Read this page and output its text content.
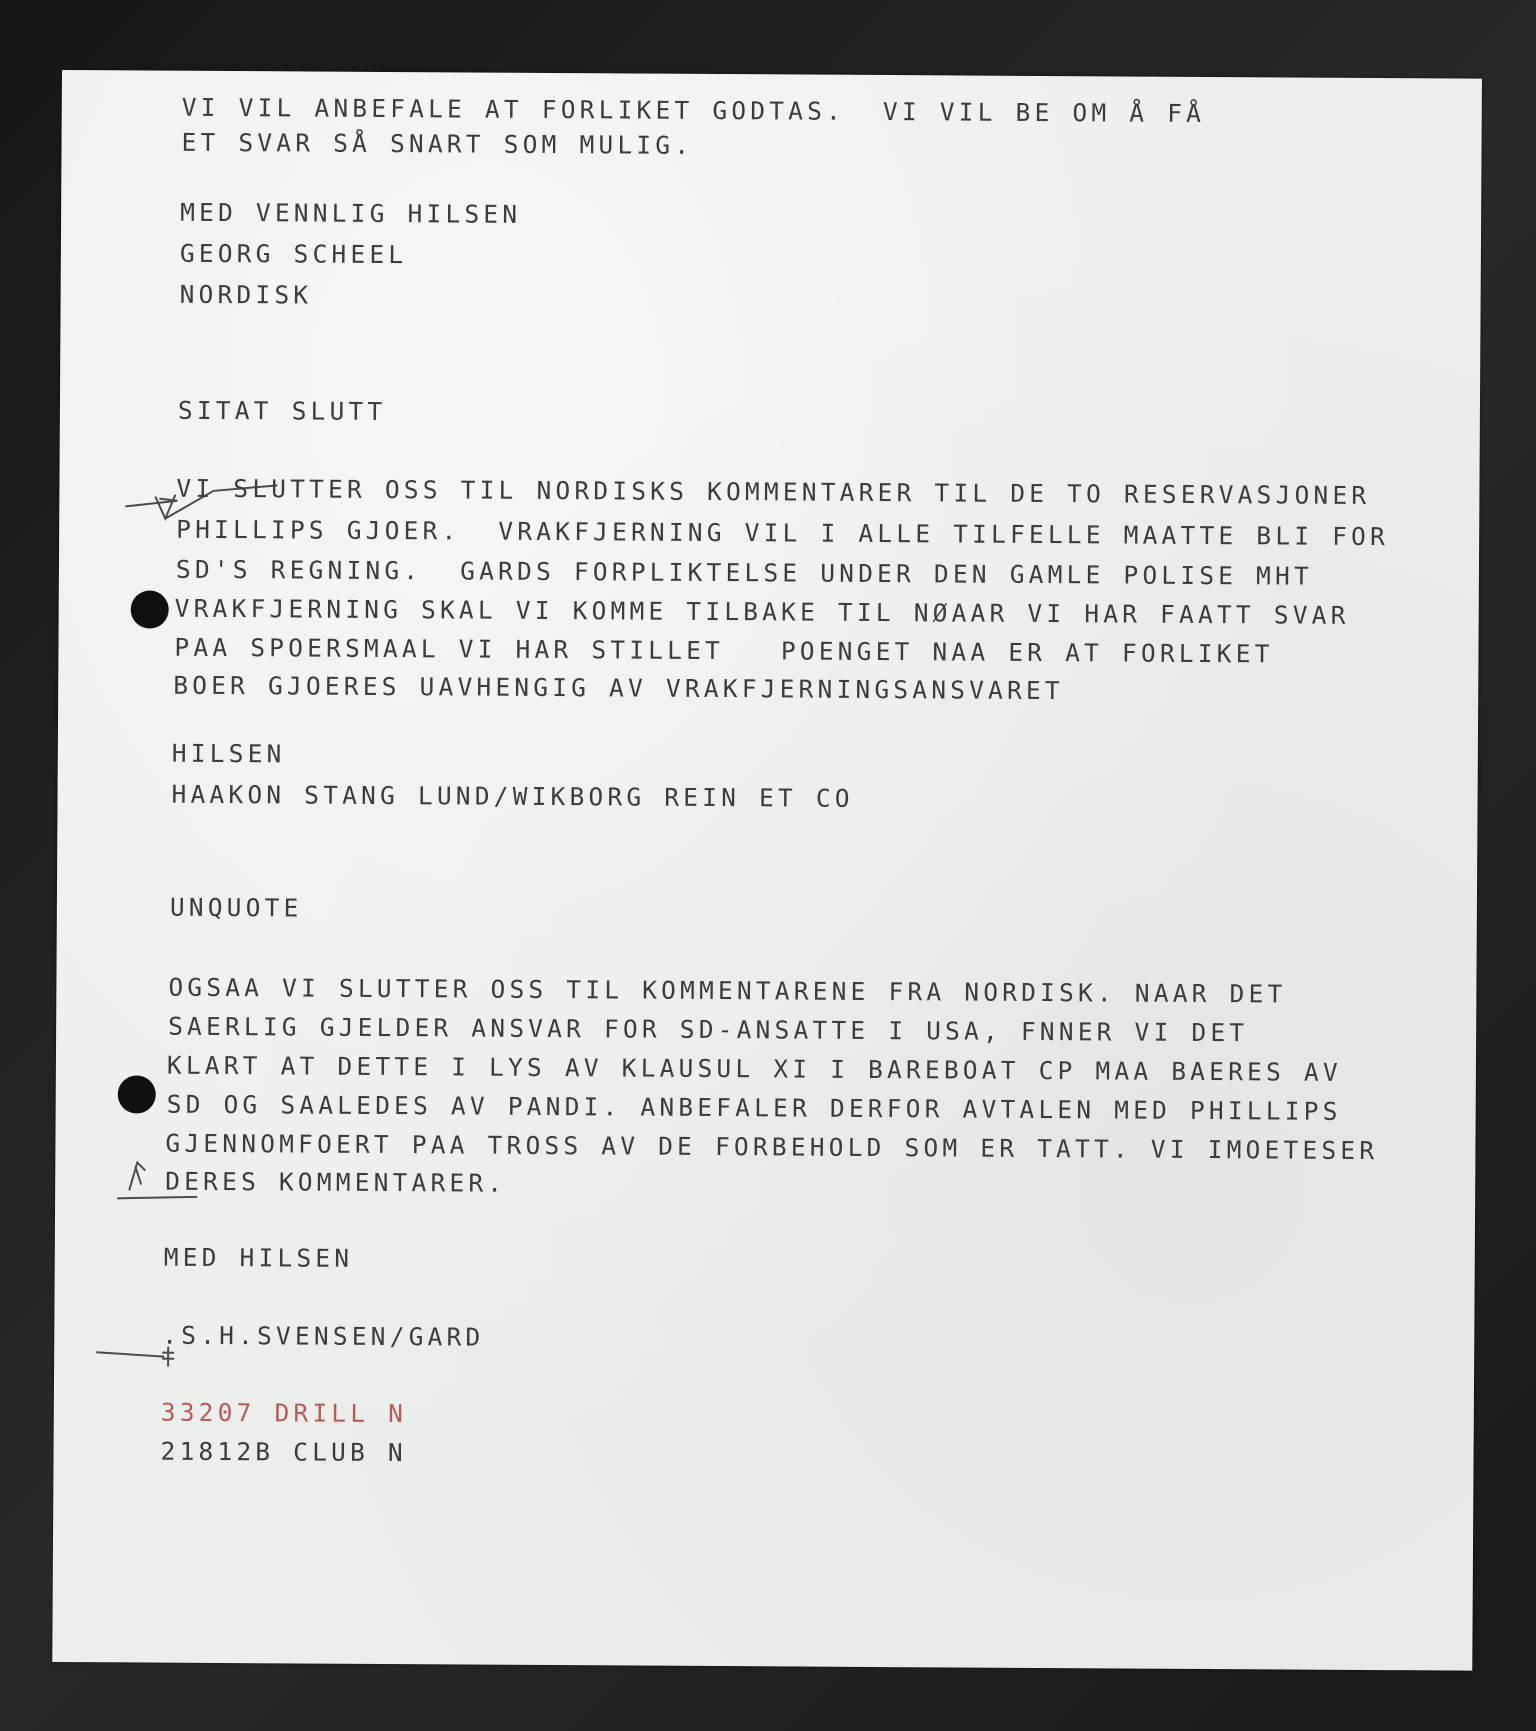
VI VIL ANBEFALE AT FORLIKET GODTAS.  VI VIL BE OM Å FÅ

ET SVAR SÅ SNART SOM MULIG.

MED VENNLIG HILSEN

GEORG SCHEEL

NORDISK

SITAT SLUTT

VI SLUTTER OSS TIL NORDISKS KOMMENTARER TIL DE TO RESERVASJONER

PHILLIPS GJOER.  VRAKFJERNING VIL I ALLE TILFELLE MAATTE BLI FOR

SD'S REGNING.  GARDS FORPLIKTELSE UNDER DEN GAMLE POLISE MHT

VRAKFJERNING SKAL VI KOMME TILBAKE TIL NØAAR VI HAR FAATT SVAR

PAA SPOERSMAAL VI HAR STILLET   POENGET NAA ER AT FORLIKET

BOER GJOERES UAVHENGIG AV VRAKFJERNINGSANSVARET

HILSEN

HAAKON STANG LUND/WIKBORG REIN ET CO

UNQUOTE

OGSAA VI SLUTTER OSS TIL KOMMENTARENE FRA NORDISK. NAAR DET

SAERLIG GJELDER ANSVAR FOR SD-ANSATTE I USA, FNNER VI DET

KLART AT DETTE I LYS AV KLAUSUL XI I BAREBOAT CP MAA BAERES AV

SD OG SAALEDES AV PANDI. ANBEFALER DERFOR AVTALEN MED PHILLIPS

GJENNOMFOERT PAA TROSS AV DE FORBEHOLD SOM ER TATT. VI IMOETESER

DERES KOMMENTARER.

MED HILSEN

.S.H.SVENSEN/GARD

33207 DRILL N

21812B CLUB N
